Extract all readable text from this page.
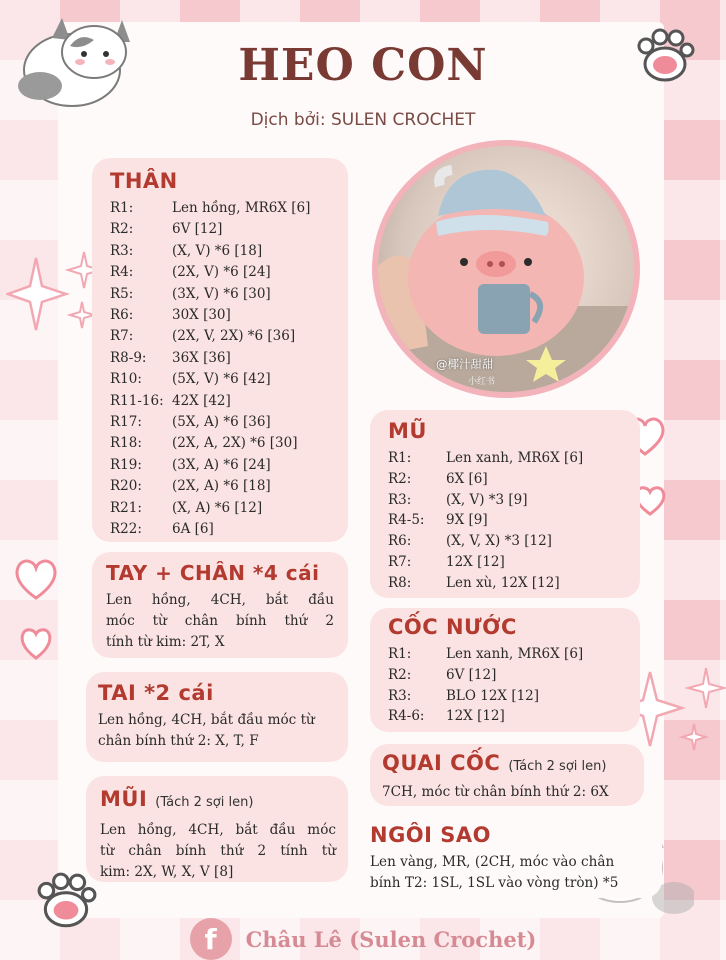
HEO CON
Dịch bởi: SULEN CROCHET
THÂN
R1:	Len hồng, MR6X [6]
R2:	6V [12]
R3:	(X, V) *6 [18]
R4:	(2X, V) *6 [24]
R5:	(3X, V) *6 [30]
R6:	30X [30]
R7:	(2X, V, 2X) *6 [36]
R8-9:	36X [36]
R10:	(5X, V) *6 [42]
R11-16: 42X [42]
R17:	(5X, A) *6 [36]
R18:	(2X, A, 2X) *6 [30]
R19:	(3X, A) *6 [24]
R20:	(2X, A) *6 [18]
R21:	(X, A) *6 [12]
R22:	6A [6]
TAY + CHÂN *4 cái
Len hồng, 4CH, bắt đầu
móc từ chân bính thứ 2
tính từ kim: 2T, X
TAI *2 cái
Len hồng, 4CH, bắt đầu móc từ
chân bính thứ 2: X, T, F
MŨI (Tách 2 sợi len)
Len hồng, 4CH, bắt đầu móc
từ chân bính thứ 2 tính từ
kim: 2X, W, X, V [8]
@椰汁甜甜
小红书
MŨ
R1:	Len xanh, MR6X [6]
R2:	6X [6]
R3:	(X, V) *3 [9]
R4-5:	9X [9]
R6:	(X, V, X) *3 [12]
R7:	12X [12]
R8:	Len xù, 12X [12]
CỐC NƯỚC
R1:	Len xanh, MR6X [6]
R2:	6V [12]
R3:	BLO 12X [12]
R4-6:	12X [12]
QUAI CỐC (Tách 2 sợi len)
7CH, móc từ chân bính thứ 2: 6X
NGÔI SAO
Len vàng, MR, (2CH, móc vào chân
bính T2: 1SL, 1SL vào vòng tròn) *5
f	Châu Lê (Sulen Crochet)
